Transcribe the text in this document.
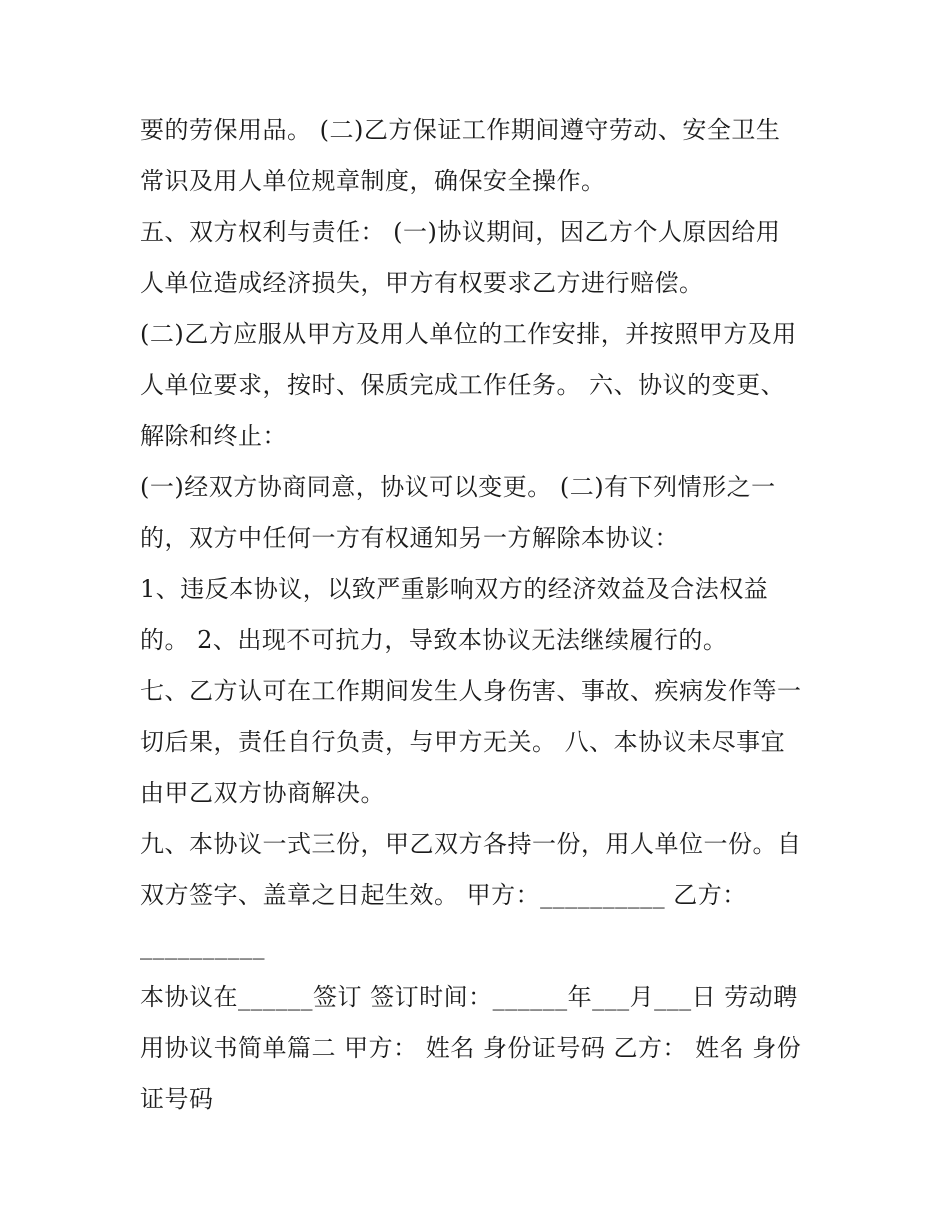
要的劳保用品。 (二)乙方保证工作期间遵守劳动、安全卫生
常识及用人单位规章制度，确保安全操作。
五、双方权利与责任： (一)协议期间，因乙方个人原因给用
人单位造成经济损失，甲方有权要求乙方进行赔偿。
(二)乙方应服从甲方及用人单位的工作安排，并按照甲方及用
人单位要求，按时、保质完成工作任务。 六、协议的变更、
解除和终止：
(一)经双方协商同意，协议可以变更。 (二)有下列情形之一
的，双方中任何一方有权通知另一方解除本协议：
1、违反本协议，以致严重影响双方的经济效益及合法权益
的。 2、出现不可抗力，导致本协议无法继续履行的。
七、乙方认可在工作期间发生人身伤害、事故、疾病发作等一
切后果，责任自行负责，与甲方无关。 八、本协议未尽事宜
由甲乙双方协商解决。
九、本协议一式三份，甲乙双方各持一份，用人单位一份。自
双方签字、盖章之日起生效。 甲方：__________ 乙方：
__________
本协议在______签订 签订时间：______年___月___日 劳动聘
用协议书简单篇二 甲方： 姓名 身份证号码 乙方： 姓名 身份
证号码
